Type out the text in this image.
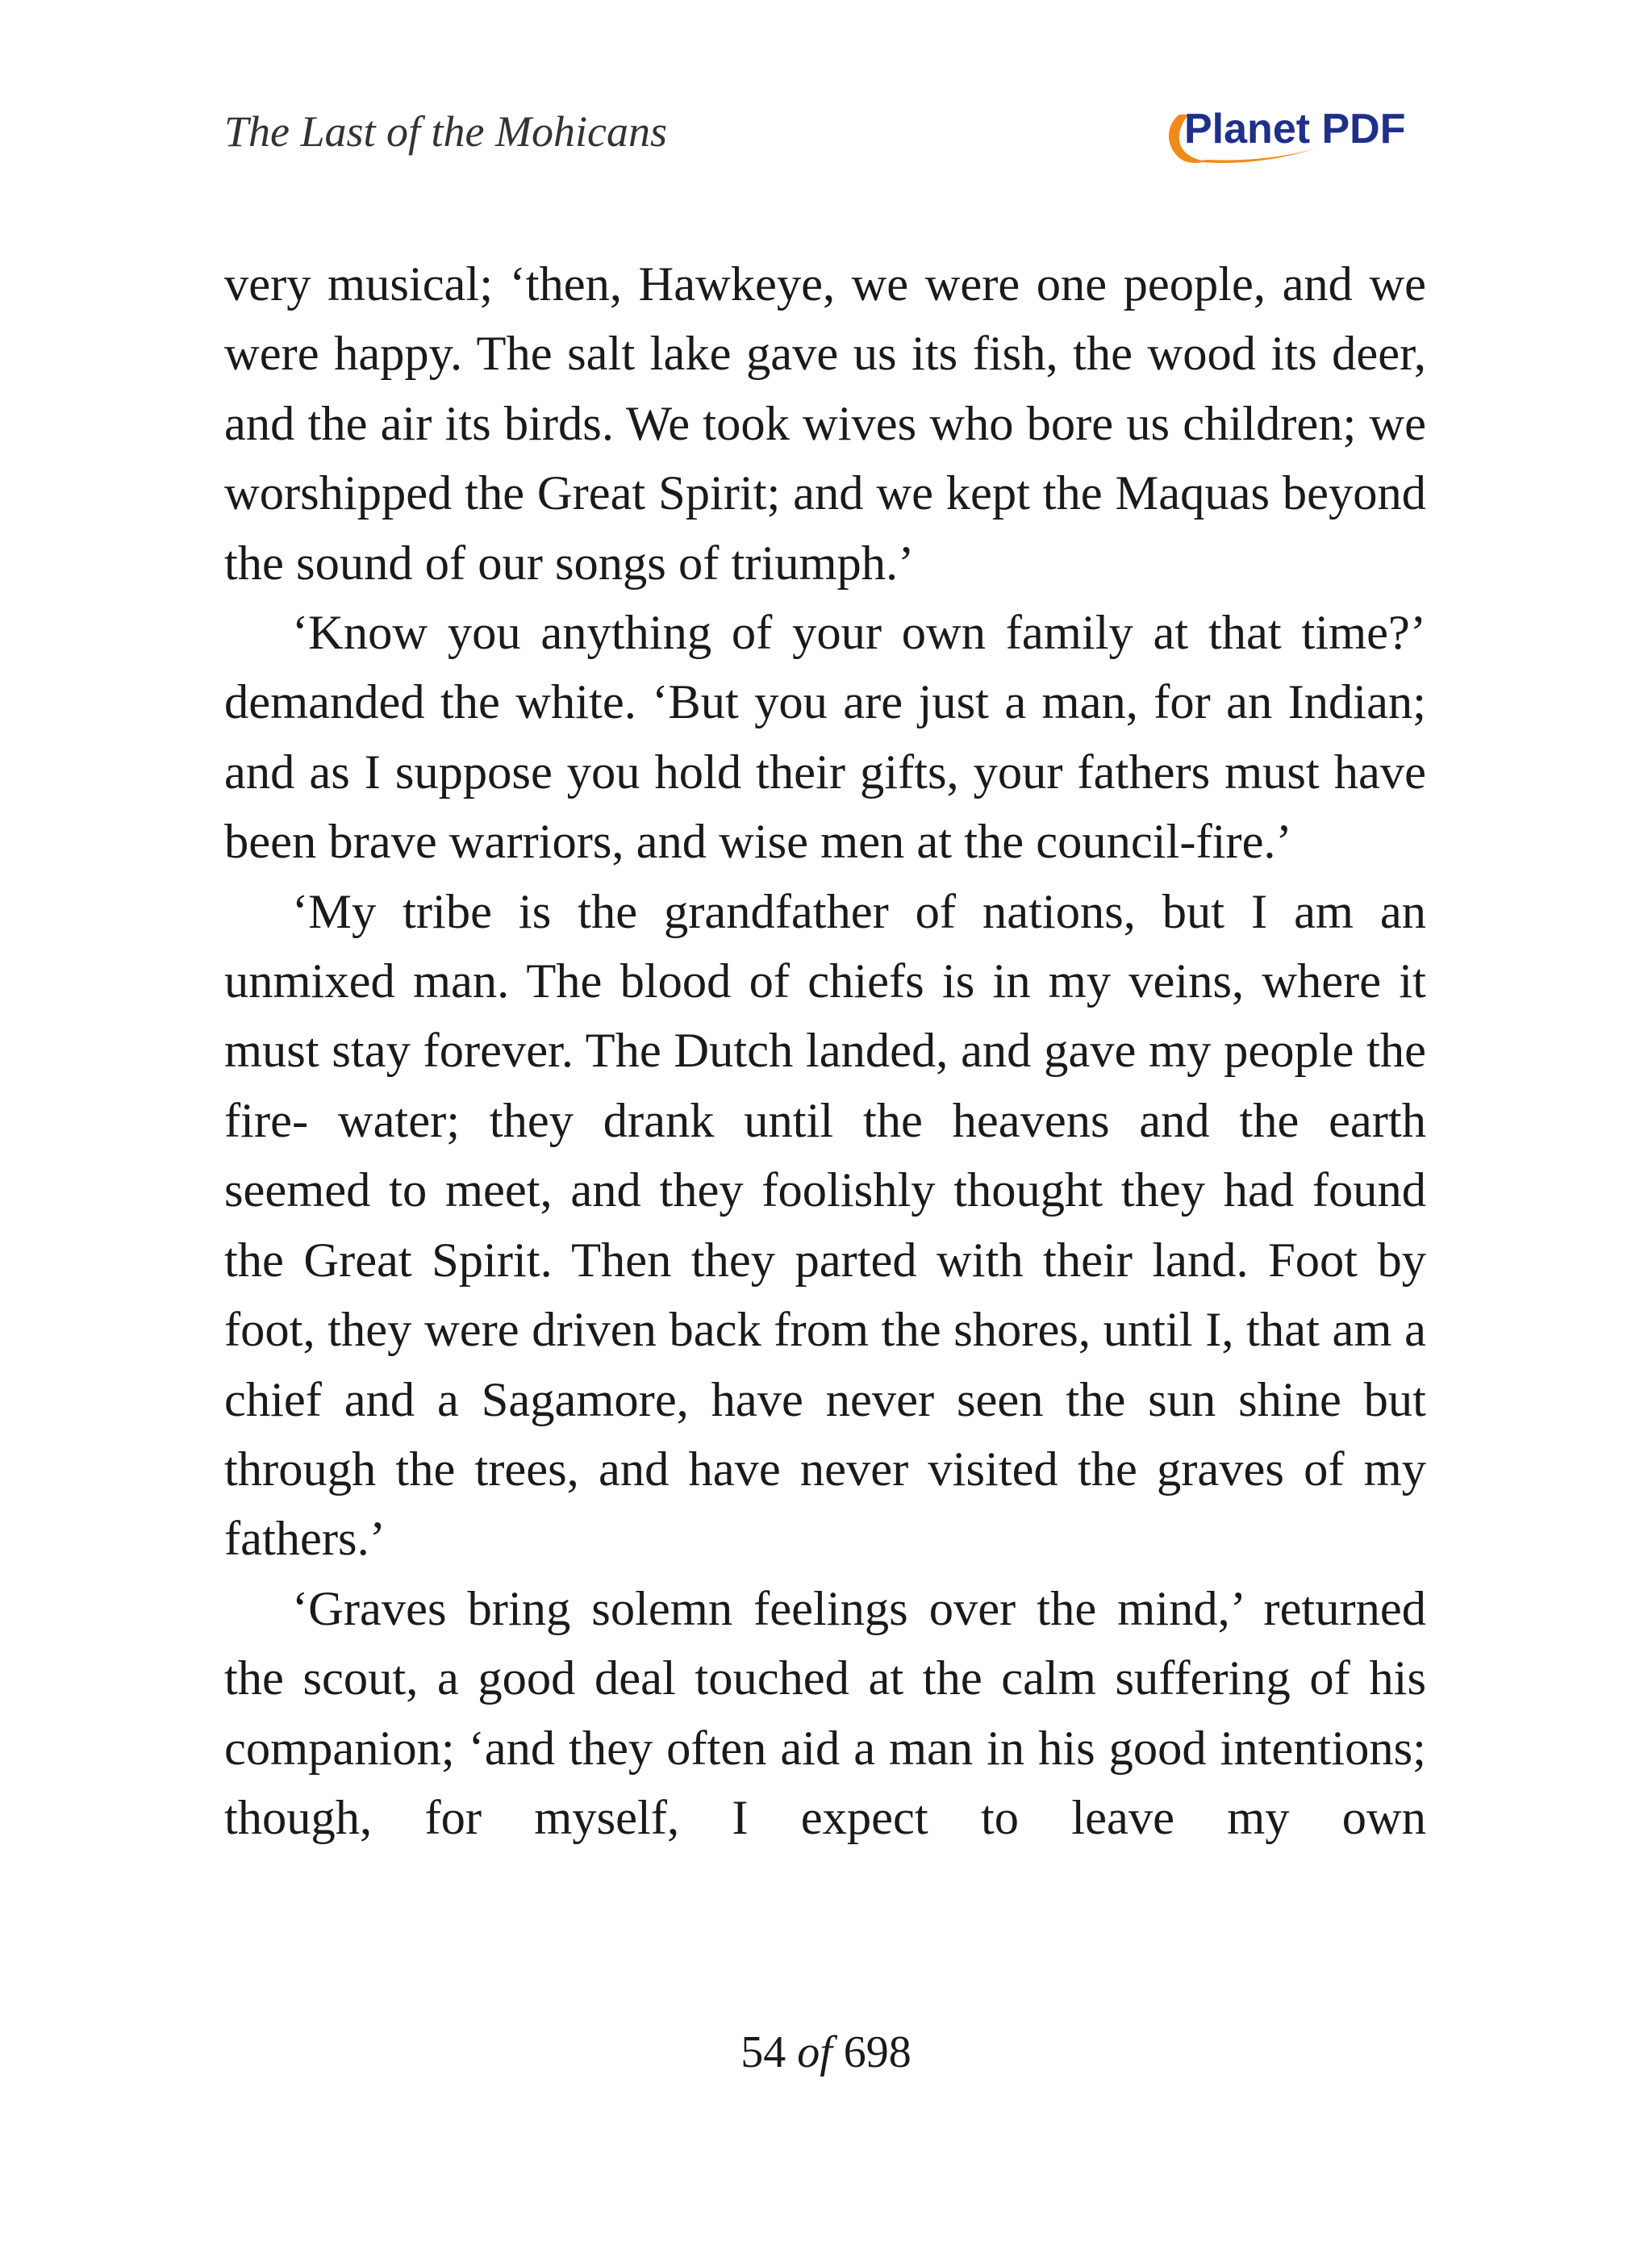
The Last of the Mohicans	Planet PDF

very musical; ‘then, Hawkeye, we were one people, and we were happy. The salt lake gave us its fish, the wood its deer, and the air its birds. We took wives who bore us children; we worshipped the Great Spirit; and we kept the Maquas beyond the sound of our songs of triumph.’

‘Know you anything of your own family at that time?’ demanded the white. ‘But you are just a man, for an Indian; and as I suppose you hold their gifts, your fathers must have been brave warriors, and wise men at the council-fire.’

‘My tribe is the grandfather of nations, but I am an unmixed man. The blood of chiefs is in my veins, where it must stay forever. The Dutch landed, and gave my people the fire- water; they drank until the heavens and the earth seemed to meet, and they foolishly thought they had found the Great Spirit. Then they parted with their land. Foot by foot, they were driven back from the shores, until I, that am a chief and a Sagamore, have never seen the sun shine but through the trees, and have never visited the graves of my fathers.’

‘Graves bring solemn feelings over the mind,’ returned the scout, a good deal touched at the calm suffering of his companion; ‘and they often aid a man in his good intentions; though, for myself, I expect to leave my own

54 of 698
